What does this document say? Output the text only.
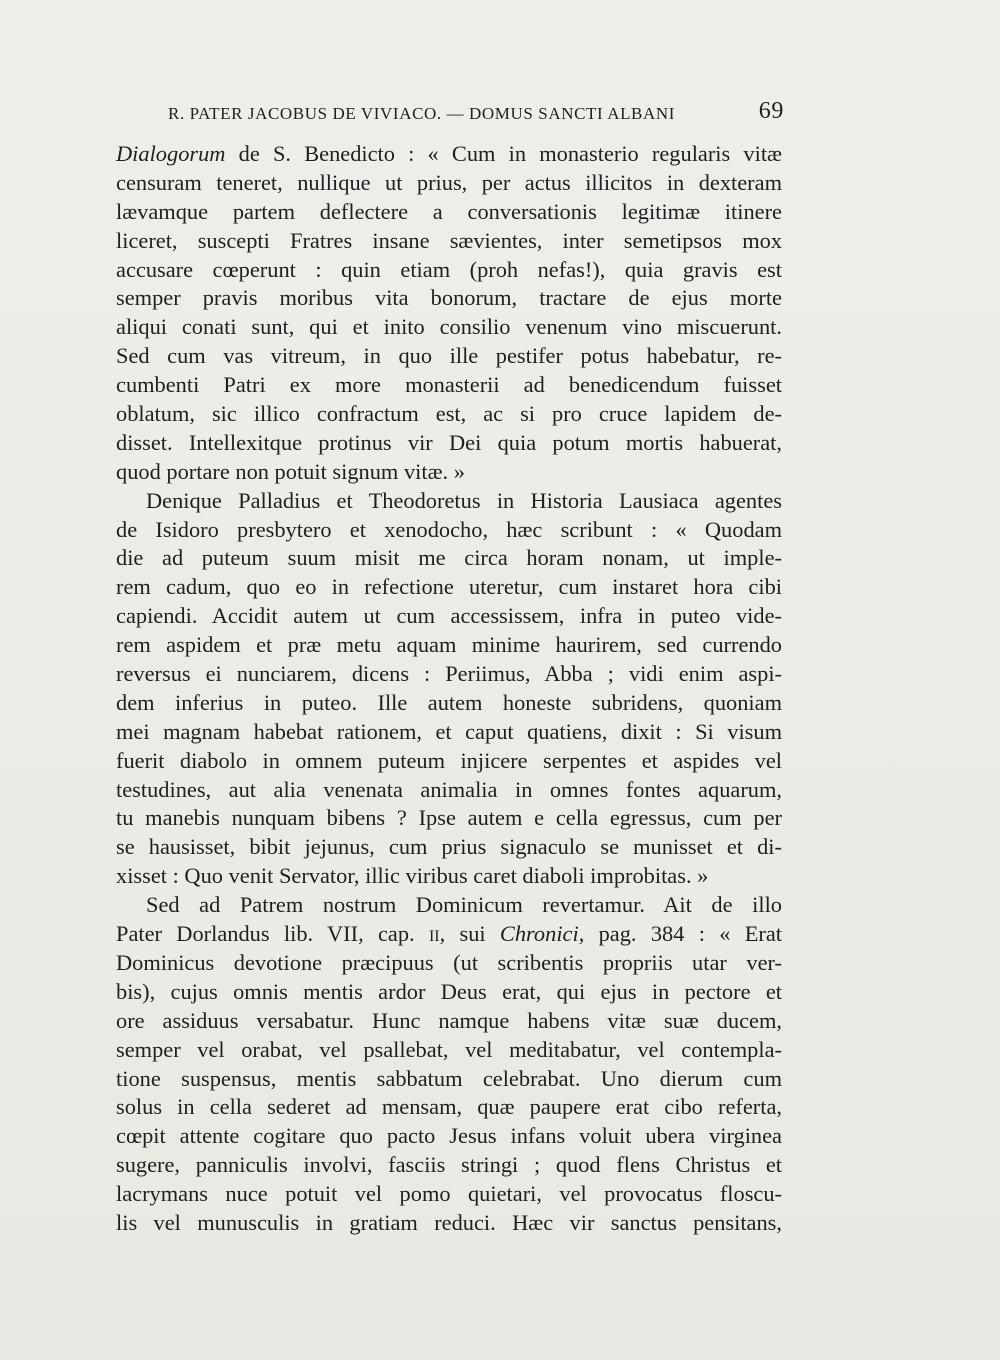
R. PATER JACOBUS DE VIVIACO. — DOMUS SANCTI ALBANI	69
Dialogorum de S. Benedicto : « Cum in monasterio regularis vitæ
censuram teneret, nullique ut prius, per actus illicitos in dexteram
lævamque partem deflectere a conversationis legitimæ itinere
liceret, suscepti Fratres insane sævientes, inter semetipsos mox
accusare cœperunt : quin etiam (proh nefas!), quia gravis est
semper pravis moribus vita bonorum, tractare de ejus morte
aliqui conati sunt, qui et inito consilio venenum vino miscuerunt.
Sed cum vas vitreum, in quo ille pestifer potus habebatur, re-
cumbenti Patri ex more monasterii ad benedicendum fuisset
oblatum, sic illico confractum est, ac si pro cruce lapidem de-
disset. Intellexitque protinus vir Dei quia potum mortis habuerat,
quod portare non potuit signum vitæ. »
Denique Palladius et Theodoretus in Historia Lausiaca agentes
de Isidoro presbytero et xenodocho, hæc scribunt : « Quodam
die ad puteum suum misit me circa horam nonam, ut imple-
rem cadum, quo eo in refectione uteretur, cum instaret hora cibi
capiendi. Accidit autem ut cum accessissem, infra in puteo vide-
rem aspidem et præ metu aquam minime haurirem, sed currendo
reversus ei nunciarem, dicens : Periimus, Abba ; vidi enim aspi-
dem inferius in puteo. Ille autem honeste subridens, quoniam
mei magnam habebat rationem, et caput quatiens, dixit : Si visum
fuerit diabolo in omnem puteum injicere serpentes et aspides vel
testudines, aut alia venenata animalia in omnes fontes aquarum,
tu manebis nunquam bibens ? Ipse autem e cella egressus, cum per
se hausisset, bibit jejunus, cum prius signaculo se munisset et di-
xisset : Quo venit Servator, illic viribus caret diaboli improbitas. »
Sed ad Patrem nostrum Dominicum revertamur. Ait de illo
Pater Dorlandus lib. VII, cap. ii, sui Chronici, pag. 384 : « Erat
Dominicus devotione præcipuus (ut scribentis propriis utar ver-
bis), cujus omnis mentis ardor Deus erat, qui ejus in pectore et
ore assiduus versabatur. Hunc namque habens vitæ suæ ducem,
semper vel orabat, vel psallebat, vel meditabatur, vel contempla-
tione suspensus, mentis sabbatum celebrabat. Uno dierum cum
solus in cella sederet ad mensam, quæ paupere erat cibo referta,
cœpit attente cogitare quo pacto Jesus infans voluit ubera virginea
sugere, panniculis involvi, fasciis stringi ; quod flens Christus et
lacrymans nuce potuit vel pomo quietari, vel provocatus floscu-
lis vel munusculis in gratiam reduci. Hæc vir sanctus pensitans,
